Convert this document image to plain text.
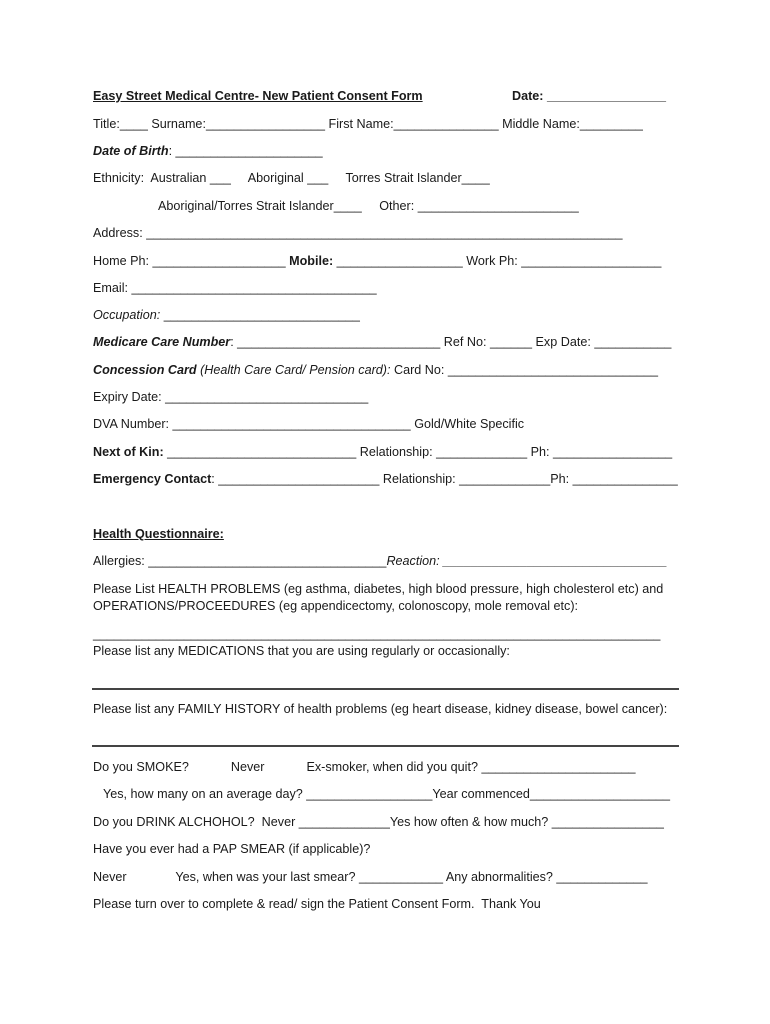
Easy Street Medical Centre- New Patient Consent Form	Date: _________________
Title:____ Surname:_________________ First Name:_______________ Middle Name:_________
Date of Birth: _____________________
Ethnicity:  Australian ___     Aboriginal ___     Torres Strait Islander____
Aboriginal/Torres Strait Islander____     Other: _______________________
Address: ____________________________________________________________________
Home Ph: ___________________ Mobile: __________________ Work Ph: ____________________
Email: ___________________________________
Occupation: ____________________________
Medicare Care Number: _____________________________ Ref No: ______ Exp Date: ___________
Concession Card (Health Care Card/ Pension card): Card No: ______________________________
Expiry Date: _____________________________
DVA Number: __________________________________ Gold/White Specific
Next of Kin: ___________________________ Relationship: _____________ Ph: _________________
Emergency Contact: _______________________ Relationship: _____________Ph: _______________
Health Questionnaire:
Allergies: __________________________________Reaction: ________________________________
Please List HEALTH PROBLEMS (eg asthma, diabetes, high blood pressure, high cholesterol etc) and
OPERATIONS/PROCEEDURES (eg appendicectomy, colonoscopy, mole removal etc):
_________________________________________________________________________________
Please list any MEDICATIONS that you are using regularly or occasionally:
Please list any FAMILY HISTORY of health problems (eg heart disease, kidney disease, bowel cancer):
Do you SMOKE?            Never            Ex-smoker, when did you quit? ______________________
Yes, how many on an average day? __________________Year commenced____________________
Do you DRINK ALCHOHOL?  Never _____________Yes how often & how much? ________________
Have you ever had a PAP SMEAR (if applicable)?
Never              Yes, when was your last smear? ____________ Any abnormalities? _____________
Please turn over to complete & read/ sign the Patient Consent Form.  Thank You
